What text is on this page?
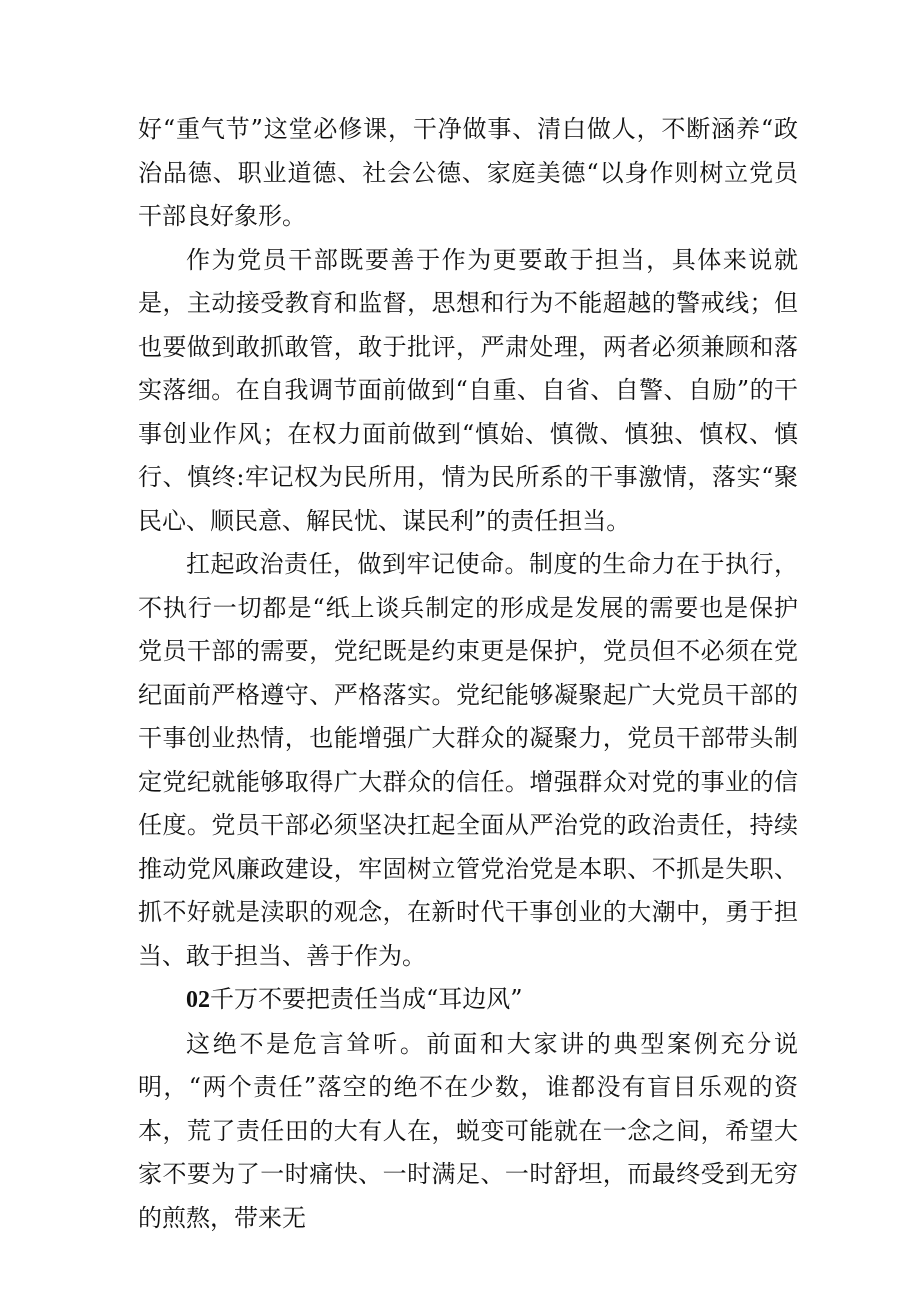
好“重气节”这堂必修课，干净做事、清白做人，不断涵养“政治品德、职业道德、社会公德、家庭美德“以身作则树立党员干部良好象形。

作为党员干部既要善于作为更要敢于担当，具体来说就是，主动接受教育和监督，思想和行为不能超越的警戒线；但也要做到敢抓敢管，敢于批评，严肃处理，两者必须兼顾和落实落细。在自我调节面前做到“自重、自省、自警、自励”的干事创业作风；在权力面前做到“慎始、慎微、慎独、慎权、慎行、慎终:牢记权为民所用，情为民所系的干事激情，落实“聚民心、顺民意、解民忧、谋民利”的责任担当。

扛起政治责任，做到牢记使命。制度的生命力在于执行，不执行一切都是“纸上谈兵制定的形成是发展的需要也是保护党员干部的需要，党纪既是约束更是保护，党员但不必须在党纪面前严格遵守、严格落实。党纪能够凝聚起广大党员干部的干事创业热情，也能增强广大群众的凝聚力，党员干部带头制定党纪就能够取得广大群众的信任。增强群众对党的事业的信任度。党员干部必须坚决扛起全面从严治党的政治责任，持续推动党风廉政建设，牢固树立管党治党是本职、不抓是失职、抓不好就是渎职的观念，在新时代干事创业的大潮中，勇于担当、敢于担当、善于作为。

02千万不要把责任当成“耳边风”

这绝不是危言耸听。前面和大家讲的典型案例充分说明，“两个责任”落空的绝不在少数，谁都没有盲目乐观的资本，荒了责任田的大有人在，蜕变可能就在一念之间，希望大家不要为了一时痛快、一时满足、一时舒坦，而最终受到无穷的煎熬，带来无
